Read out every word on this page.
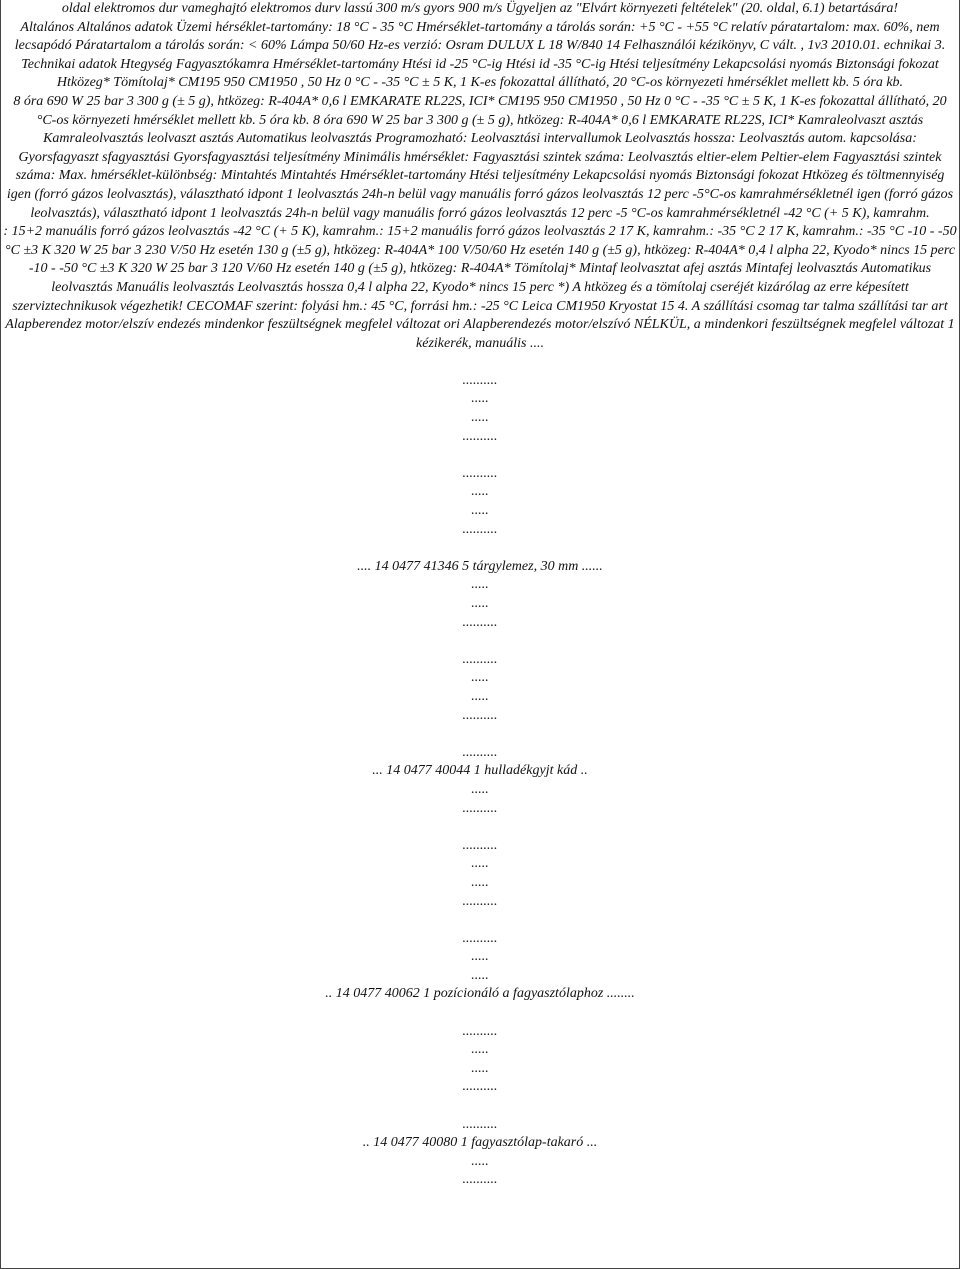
oldal elektromos dur vameghajtó elektromos durv lassú 300 m/s gyors 900 m/s Ügyeljen az "Elvárt környezeti feltételek" (20. oldal, 6.1) betartására!

Altalános Altalános adatok Üzemi hérséklet-tartomány: 18 °C - 35 °C Hmérséklet-tartomány a tárolás során: +5 °C - +55 °C relatív páratartalom: max. 60%, nem lecsapódó Páratartalom a tárolás során: < 60% Lámpa 50/60 Hz-es verzió: Osram DULUX L 18 W/840 14 Felhasználói kézikönyv, C vált. , 1v3 2010.01. echnikai 3. Technikai adatok Htegység Fagyasztókamra Hmérséklet-tartomány Htési id -25 °C-ig Htési id -35 °C-ig Htési teljesítmény Lekapcsolási nyomás Biztonsági fokozat Htközeg* Tömítolaj* CM195 950 CM1950 , 50 Hz 0 °C - -35 °C ± 5 K, 1 K-es fokozattal állítható, 20 °C-os környezeti hmérséklet mellett kb. 5 óra kb.

8 óra 690 W 25 bar 3 300 g (± 5 g), htközeg: R-404A* 0,6 l EMKARATE RL22S, ICI* CM195 950 CM1950 , 50 Hz 0 °C - -35 °C ± 5 K, 1 K-es fokozattal állítható, 20 °C-os környezeti hmérséklet mellett kb. 5 óra kb. 8 óra 690 W 25 bar 3 300 g (± 5 g), htközeg: R-404A* 0,6 l EMKARATE RL22S, ICI* Kamraleolvaszt asztás Kamraleolvasztás leolvaszt asztás Automatikus leolvasztás Programozható: Leolvasztási intervallumok Leolvasztás hossza: Leolvasztás autom. kapcsolása: Gyorsfagyaszt sfagyasztási Gyorsfagyasztási teljesítmény Minimális hmérséklet: Fagyasztási szintek száma: Leolvasztás eltier-elem Peltier-elem Fagyasztási szintek száma: Max. hmérséklet-különbség: Mintahtés Mintahtés Hmérséklet-tartomány Htési teljesítmény Lekapcsolási nyomás Biztonsági fokozat Htközeg és töltmennyiség igen (forró gázos leolvasztás), választható idpont 1 leolvasztás 24h-n belül vagy manuális forró gázos leolvasztás 12 perc -5°C-os kamrahmérsékletnél igen (forró gázos leolvasztás), választható idpont 1 leolvasztás 24h-n belül vagy manuális forró gázos leolvasztás 12 perc -5 °C-os kamrahmérsékletnél -42 °C (+ 5 K), kamrahm.

: 15+2 manuális forró gázos leolvasztás -42 °C (+ 5 K), kamrahm.: 15+2 manuális forró gázos leolvasztás 2 17 K, kamrahm.: -35 °C 2 17 K, kamrahm.: -35 °C -10 - -50 °C ±3 K 320 W 25 bar 3 230 V/50 Hz esetén 130 g (±5 g), htközeg: R-404A* 100 V/50/60 Hz esetén 140 g (±5 g), htközeg: R-404A* 0,4 l alpha 22, Kyodo* nincs 15 perc -10 - -50 °C ±3 K 320 W 25 bar 3 120 V/60 Hz esetén 140 g (±5 g), htközeg: R-404A* Tömítolaj* Mintaf leolvasztat afej asztás Mintafej leolvasztás Automatikus leolvasztás Manuális leolvasztás Leolvasztás hossza 0,4 l alpha 22, Kyodo* nincs 15 perc *) A htközeg és a tömítolaj cseréjét kizárólag az erre képesített szerviztechnikusok végezhetik! CECOMAF szerint: folyási hm.: 45 °C, forrási hm.: -25 °C Leica CM1950 Kryostat 15 4. A szállítási csomag tar talma szállítási tar art Alapberendez motor/elszív endezés mindenkor feszültségnek megfelel változat ori Alapberendezés motor/elszívó NÉLKÜL, a mindenkori feszültségnek megfelel változat 1 kézikerék, manuális ....

..........
.....
.....
..........
..........
.....
.....
..........
.... 14 0477 41346 5 tárgylemez, 30 mm ......
.....
.....
..........
..........
.....
.....
..........
..........
... 14 0477 40044 1 hulladékgyjt kád ..
.....
..........
..........
.....
.....
..........
..........
.....
.....
.. 14 0477 40062 1 pozícionáló a fagyasztólaphoz ........
..........
.....
.....
..........
..........
.. 14 0477 40080 1 fagyasztólap-takaró ...
.....
..........
